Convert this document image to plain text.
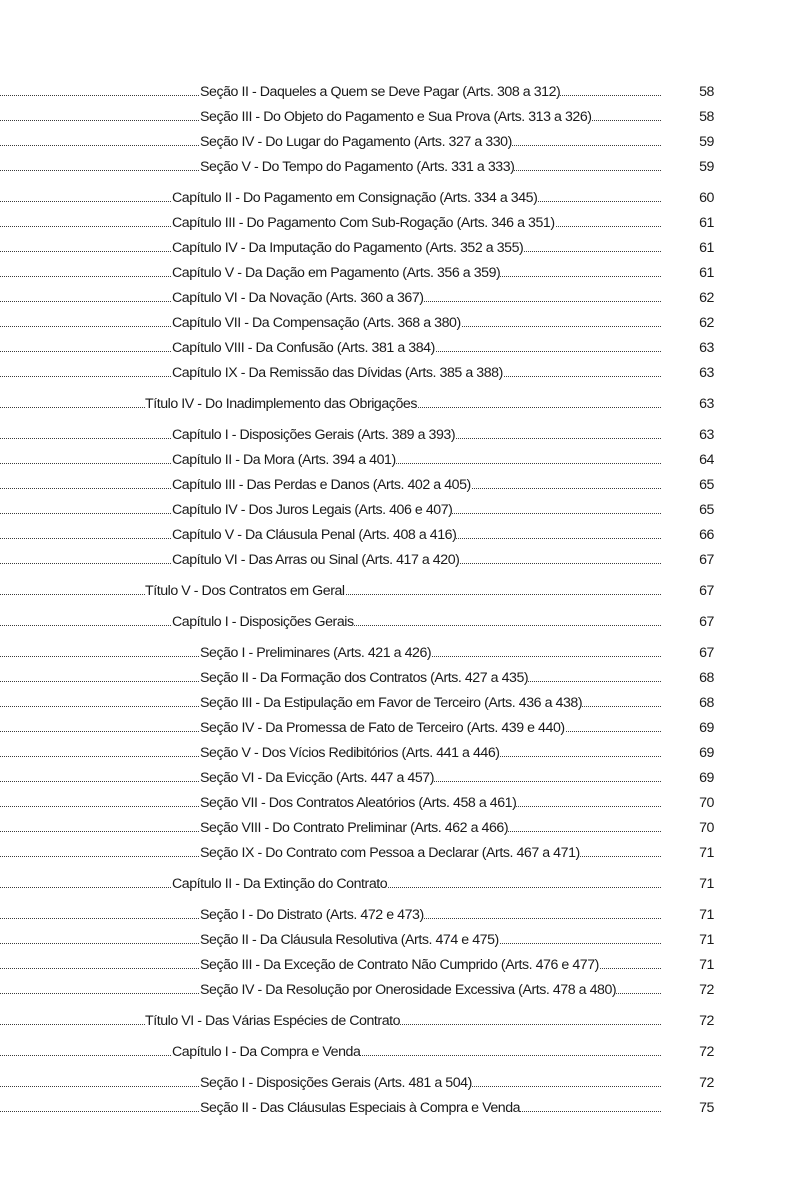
Seção II - Daqueles a Quem se Deve Pagar (Arts. 308 a 312)	58
Seção III - Do Objeto do Pagamento e Sua Prova (Arts. 313 a 326)	58
Seção IV - Do Lugar do Pagamento (Arts. 327 a 330)	59
Seção V - Do Tempo do Pagamento (Arts. 331 a 333)	59
Capítulo II - Do Pagamento em Consignação (Arts. 334 a 345)	60
Capítulo III - Do Pagamento Com Sub-Rogação (Arts. 346 a 351)	61
Capítulo IV - Da Imputação do Pagamento (Arts. 352 a 355)	61
Capítulo V - Da Dação em Pagamento (Arts. 356 a 359)	61
Capítulo VI - Da Novação (Arts. 360 a 367)	62
Capítulo VII - Da Compensação (Arts. 368 a 380)	62
Capítulo VIII - Da Confusão (Arts. 381 a 384)	63
Capítulo IX - Da Remissão das Dívidas (Arts. 385 a 388)	63
Título IV - Do Inadimplemento das Obrigações	63
Capítulo I - Disposições Gerais (Arts. 389 a 393)	63
Capítulo II - Da Mora (Arts. 394 a 401)	64
Capítulo III - Das Perdas e Danos (Arts. 402 a 405)	65
Capítulo IV - Dos Juros Legais (Arts. 406 e 407)	65
Capítulo V - Da Cláusula Penal (Arts. 408 a 416)	66
Capítulo VI - Das Arras ou Sinal (Arts. 417 a 420)	67
Título V - Dos Contratos em Geral	67
Capítulo I - Disposições Gerais	67
Seção I - Preliminares (Arts. 421 a 426)	67
Seção II - Da Formação dos Contratos (Arts. 427 a 435)	68
Seção III - Da Estipulação em Favor de Terceiro (Arts. 436 a 438)	68
Seção IV - Da Promessa de Fato de Terceiro (Arts. 439 e 440)	69
Seção V - Dos Vícios Redibitórios (Arts. 441 a 446)	69
Seção VI - Da Evicção (Arts. 447 a 457)	69
Seção VII - Dos Contratos Aleatórios (Arts. 458 a 461)	70
Seção VIII - Do Contrato Preliminar (Arts. 462 a 466)	70
Seção IX - Do Contrato com Pessoa a Declarar (Arts. 467 a 471)	71
Capítulo II - Da Extinção do Contrato	71
Seção I - Do Distrato (Arts. 472 e 473)	71
Seção II - Da Cláusula Resolutiva (Arts. 474 e 475)	71
Seção III - Da Exceção de Contrato Não Cumprido (Arts. 476 e 477)	71
Seção IV - Da Resolução por Onerosidade Excessiva (Arts. 478 a 480)	72
Título VI - Das Várias Espécies de Contrato	72
Capítulo I - Da Compra e Venda	72
Seção I - Disposições Gerais (Arts. 481 a 504)	72
Seção II - Das Cláusulas Especiais à Compra e Venda	75
